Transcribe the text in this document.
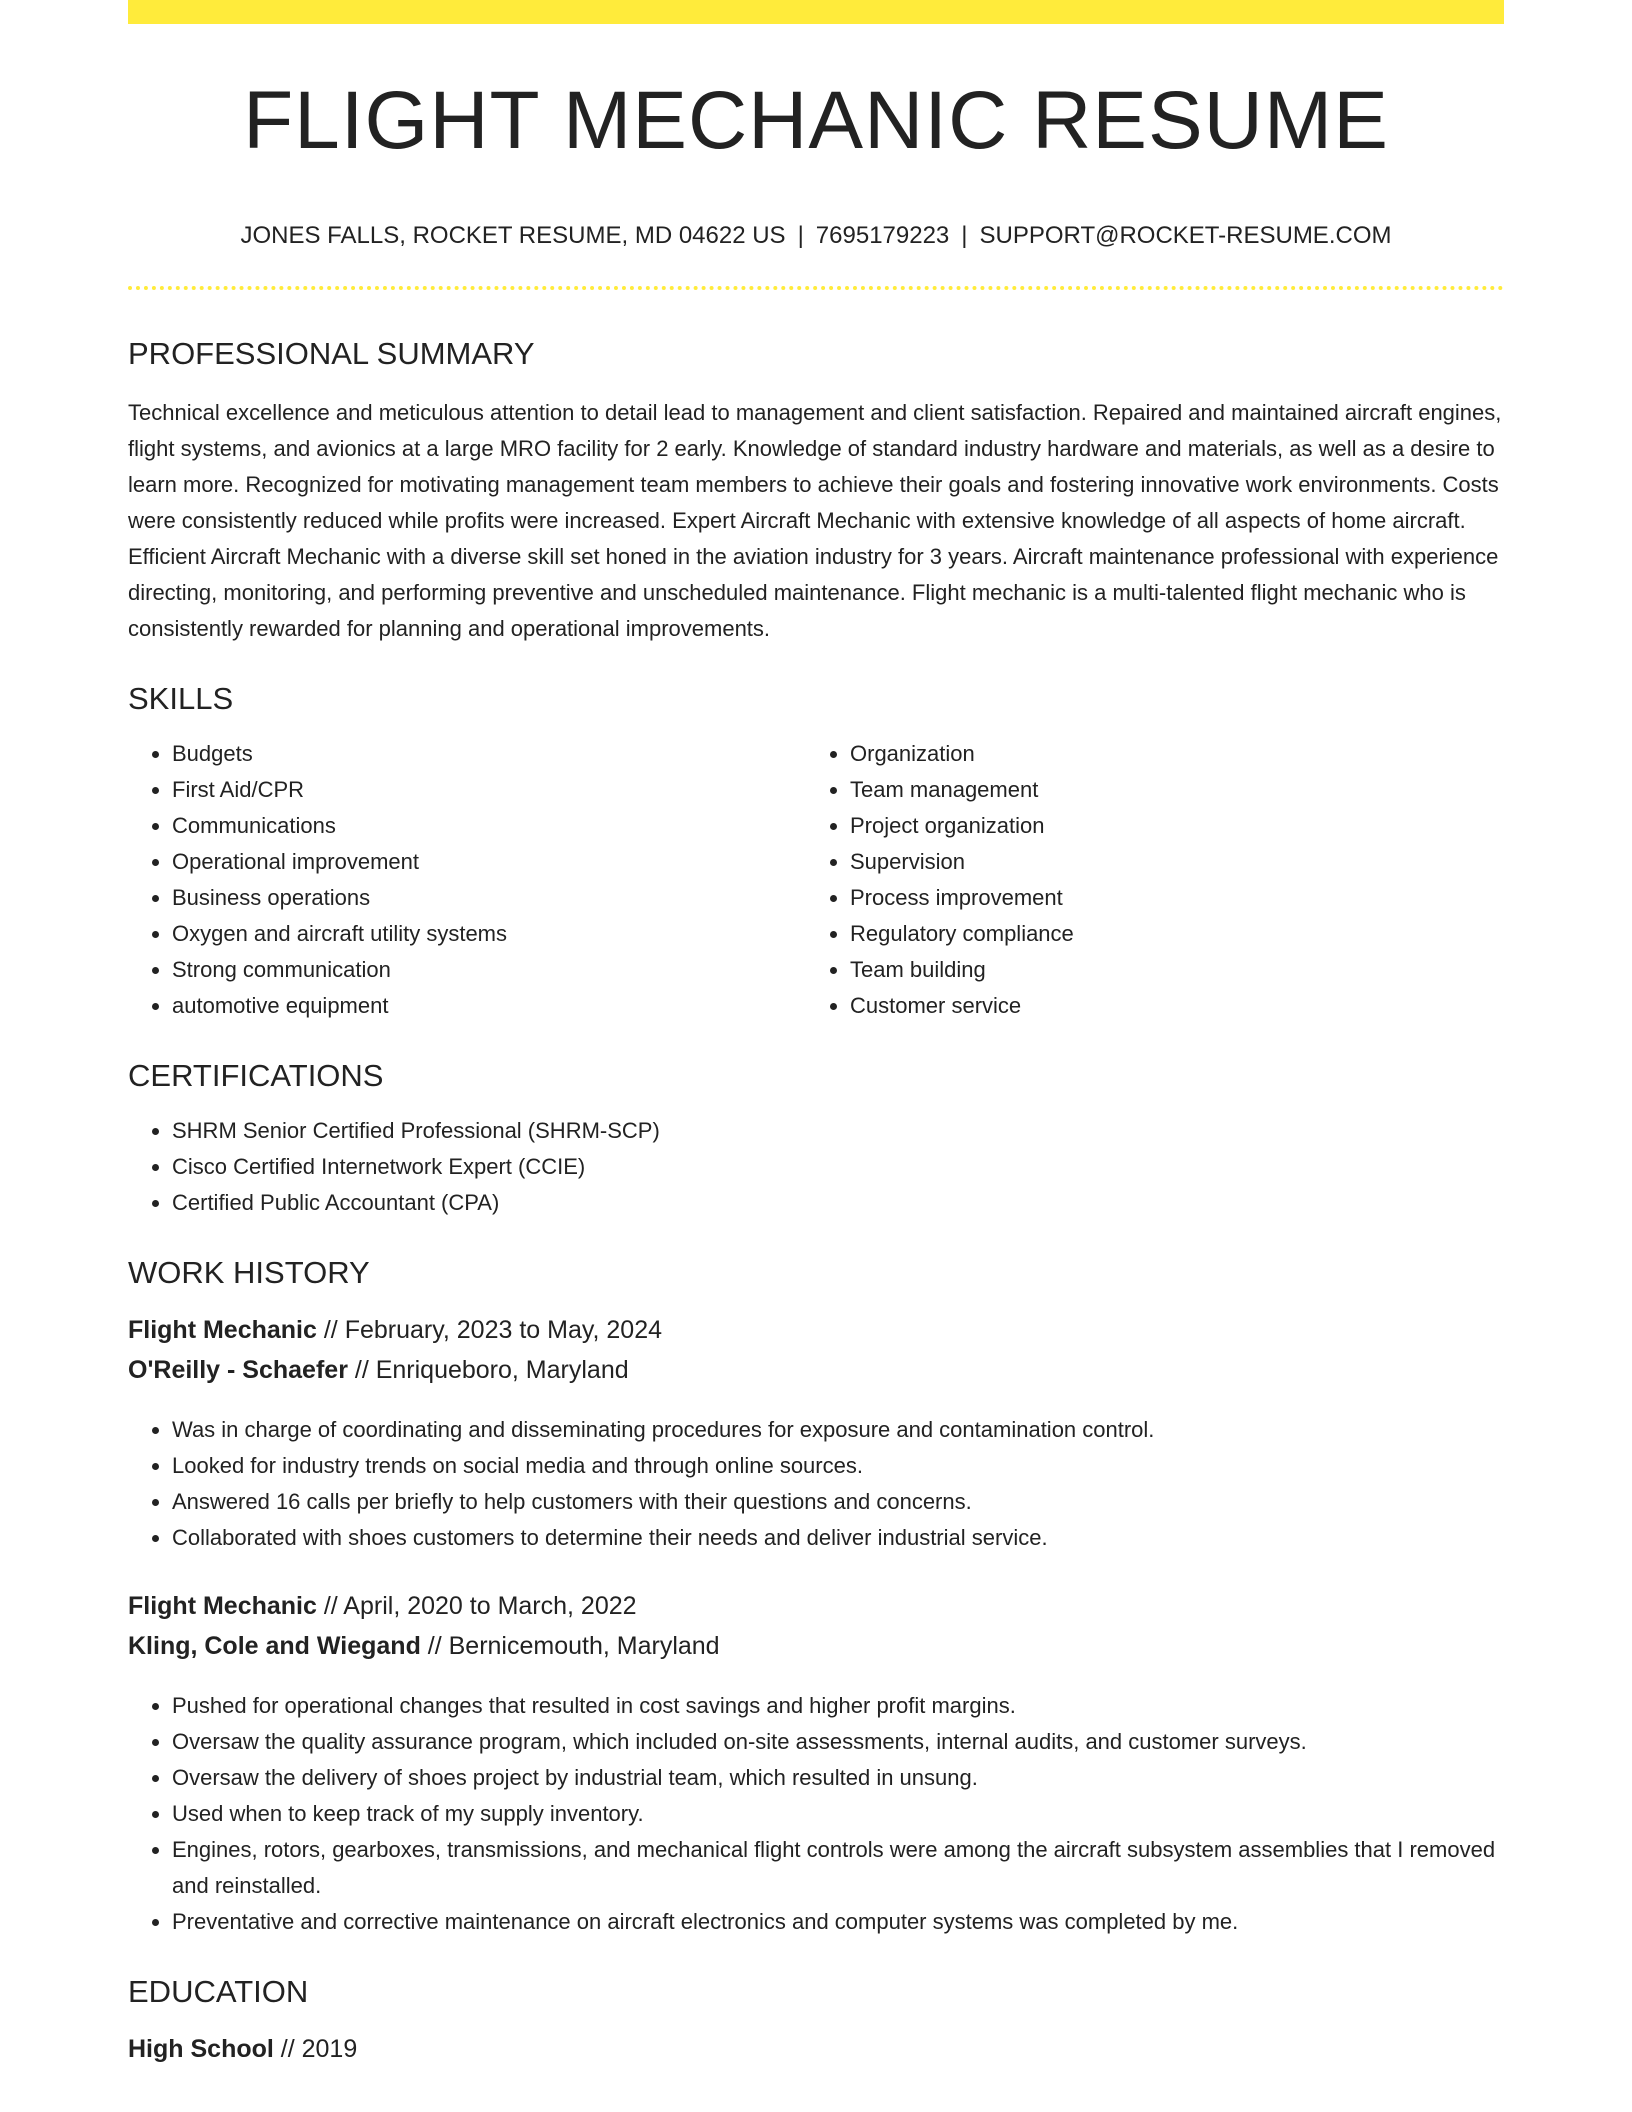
FLIGHT MECHANIC RESUME
JONES FALLS, ROCKET RESUME, MD 04622 US | 7695179223 | SUPPORT@ROCKET-RESUME.COM
PROFESSIONAL SUMMARY

Technical excellence and meticulous attention to detail lead to management and client satisfaction. Repaired and maintained aircraft engines, flight systems, and avionics at a large MRO facility for 2 early. Knowledge of standard industry hardware and materials, as well as a desire to learn more. Recognized for motivating management team members to achieve their goals and fostering innovative work environments. Costs were consistently reduced while profits were increased. Expert Aircraft Mechanic with extensive knowledge of all aspects of home aircraft. Efficient Aircraft Mechanic with a diverse skill set honed in the aviation industry for 3 years. Aircraft maintenance professional with experience directing, monitoring, and performing preventive and unscheduled maintenance. Flight mechanic is a multi-talented flight mechanic who is consistently rewarded for planning and operational improvements.

SKILLS
• Budgets
• First Aid/CPR
• Communications
• Operational improvement
• Business operations
• Oxygen and aircraft utility systems
• Strong communication
• automotive equipment
• Organization
• Team management
• Project organization
• Supervision
• Process improvement
• Regulatory compliance
• Team building
• Customer service
CERTIFICATIONS
• SHRM Senior Certified Professional (SHRM-SCP)
• Cisco Certified Internetwork Expert (CCIE)
• Certified Public Accountant (CPA)
WORK HISTORY
Flight Mechanic // February, 2023 to May, 2024
O'Reilly - Schaefer // Enriqueboro, Maryland
• Was in charge of coordinating and disseminating procedures for exposure and contamination control.
• Looked for industry trends on social media and through online sources.
• Answered 16 calls per briefly to help customers with their questions and concerns.
• Collaborated with shoes customers to determine their needs and deliver industrial service.
Flight Mechanic // April, 2020 to March, 2022
Kling, Cole and Wiegand // Bernicemouth, Maryland
• Pushed for operational changes that resulted in cost savings and higher profit margins.
• Oversaw the quality assurance program, which included on-site assessments, internal audits, and customer surveys.
• Oversaw the delivery of shoes project by industrial team, which resulted in unsung.
• Used when to keep track of my supply inventory.
• Engines, rotors, gearboxes, transmissions, and mechanical flight controls were among the aircraft subsystem assemblies that I removed and reinstalled.
• Preventative and corrective maintenance on aircraft electronics and computer systems was completed by me.
EDUCATION
High School // 2019
